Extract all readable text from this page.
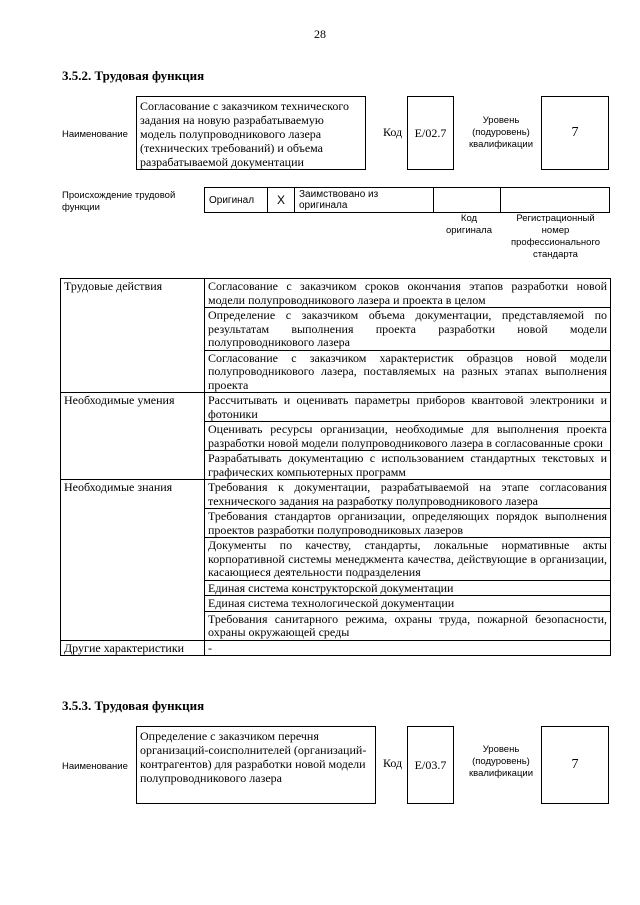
28
3.5.2. Трудовая функция
Наименование
Согласование с заказчиком технического задания на новую разрабатываемую модель полупроводникового лазера (технических требований) и объема разрабатываемой документации
Код	E/02.7
Уровень (подуровень) квалификации
7
Происхождение трудовой функции
Оригинал	X	Заимствовано из оригинала		
Код оригинала
Регистрационный номер профессионального стандарта
Трудовые действия	Согласование с заказчиком сроков окончания этапов разработки новой модели полупроводникового лазера и проекта в целом
	Определение с заказчиком объема документации, представляемой по результатам выполнения проекта разработки новой модели полупроводникового лазера
	Согласование с заказчиком характеристик образцов новой модели полупроводникового лазера, поставляемых на разных этапах выполнения проекта
Необходимые умения	Рассчитывать и оценивать параметры приборов квантовой электроники и фотоники
	Оценивать ресурсы организации, необходимые для выполнения проекта разработки новой модели полупроводникового лазера в согласованные сроки
	Разрабатывать документацию с использованием стандартных текстовых и графических компьютерных программ
Необходимые знания	Требования к документации, разрабатываемой на этапе согласования технического задания на разработку полупроводникового лазера
	Требования стандартов организации, определяющих порядок выполнения проектов разработки полупроводниковых лазеров
	Документы по качеству, стандарты, локальные нормативные акты корпоративной системы менеджмента качества, действующие в организации, касающиеся деятельности подразделения
	Единая система конструкторской документации
	Единая система технологической документации
	Требования санитарного режима, охраны труда, пожарной безопасности, охраны окружающей среды
Другие характеристики	-
3.5.3. Трудовая функция
Наименование
Определение с заказчиком перечня организаций-соисполнителей (организаций-контрагентов) для разработки новой модели полупроводникового лазера
Код	E/03.7
Уровень (подуровень) квалификации
7
